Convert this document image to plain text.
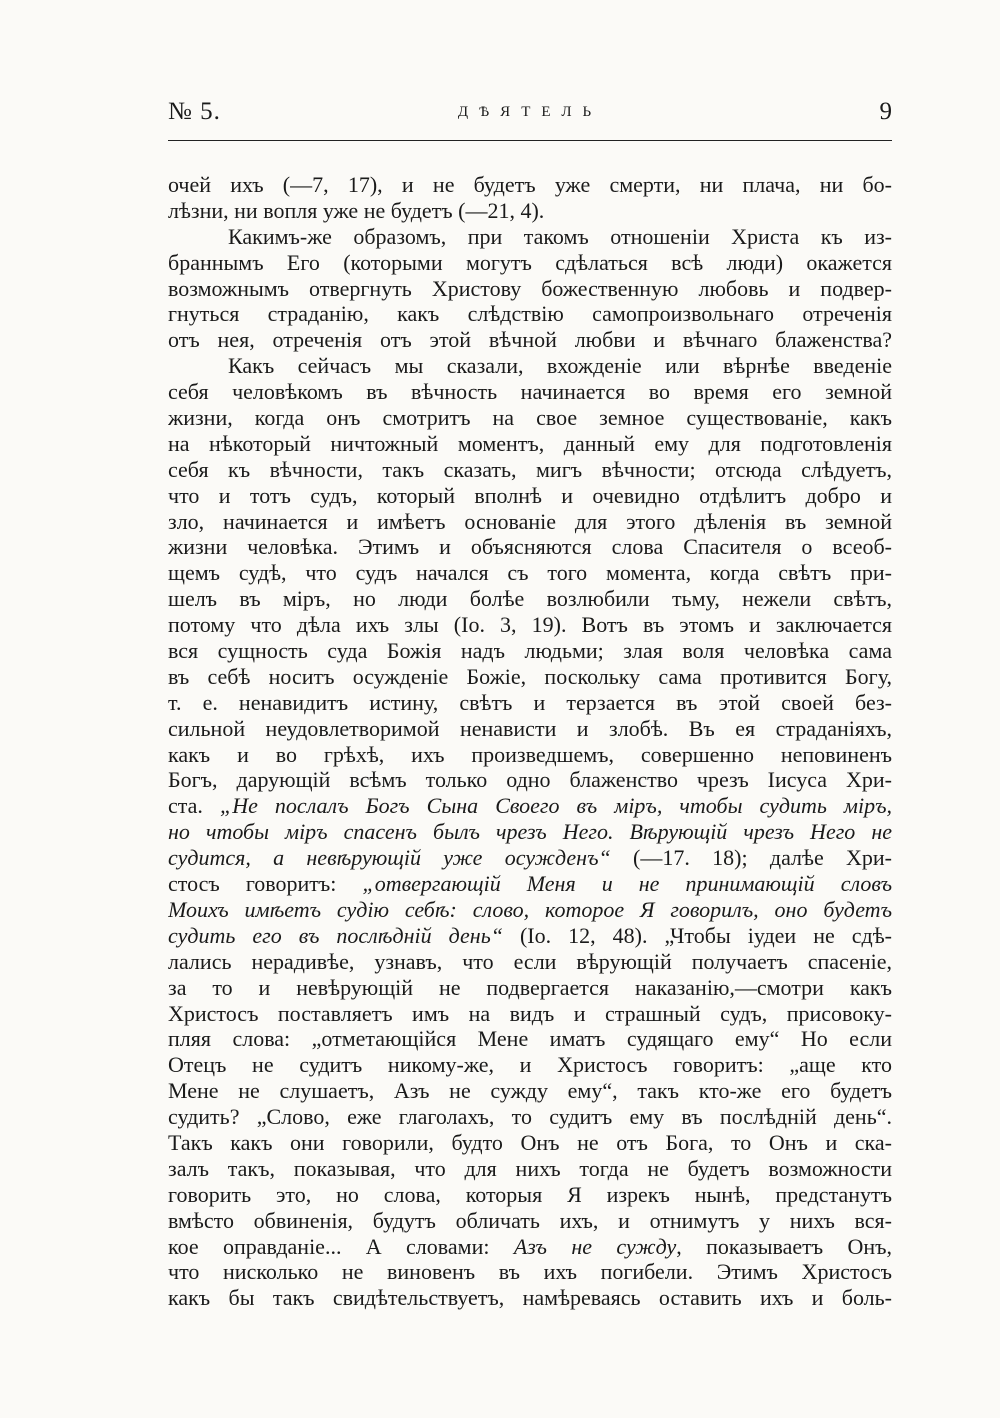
№ 5.	ДѢЯТЕЛЬ	9
очей ихъ (—7, 17), и не будетъ уже смерти, ни плача, ни бо-
лѣзни, ни вопля уже не будетъ (—21, 4).
Какимъ-же образомъ, при такомъ отношеніи Христа къ из-
браннымъ Его (которыми могутъ сдѣлаться всѣ люди) окажется
возможнымъ отвергнуть Христову божественную любовь и подвер-
гнуться страданію, какъ слѣдствію самопроизвольнаго отреченія
отъ нея, отреченія отъ этой вѣчной любви и вѣчнаго блаженства?
Какъ сейчасъ мы сказали, вхожденіе или вѣрнѣе введеніе
себя человѣкомъ въ вѣчность начинается во время его земной
жизни, когда онъ смотритъ на свое земное существованіе, какъ
на нѣкоторый ничтожный моментъ, данный ему для подготовленія
себя къ вѣчности, такъ сказать, мигъ вѣчности; отсюда слѣдуетъ,
что и тотъ судъ, который вполнѣ и очевидно отдѣлитъ добро и
зло, начинается и имѣетъ основаніе для этого дѣленія въ земной
жизни человѣка. Этимъ и объясняются слова Спасителя о всеоб-
щемъ судѣ, что судъ начался съ того момента, когда свѣтъ при-
шелъ въ міръ, но люди болѣе возлюбили тьму, нежели свѣтъ,
потому что дѣла ихъ злы (Io. 3, 19). Вотъ въ этомъ и заключается
вся сущность суда Божія надъ людьми; злая воля человѣка сама
въ себѣ носитъ осужденіе Божіе, поскольку сама противится Богу,
т. е. ненавидитъ истину, свѣтъ и терзается въ этой своей без-
сильной неудовлетворимой ненависти и злобѣ. Въ ея страданіяхъ,
какъ и во грѣхѣ, ихъ произведшемъ, совершенно неповиненъ
Богъ, дарующій всѣмъ только одно блаженство чрезъ Іисуса Хри-
ста. „Не послалъ Богъ Сына Своего въ міръ, чтобы судить міръ,
но чтобы міръ спасенъ былъ чрезъ Него. Вѣрующій чрезъ Него не
судится, а невѣрующій уже осужденъ“ (—17. 18); далѣе Хри-
стосъ говоритъ: „отвергающій Меня и не принимающій словъ
Моихъ имѣетъ судію себѣ: слово, которое Я говорилъ, оно будетъ
судить его въ послѣдній день“ (Io. 12, 48). „Чтобы іудеи не сдѣ-
лались нерадивѣе, узнавъ, что если вѣрующій получаетъ спасеніе,
за то и невѣрующій не подвергается наказанію,—смотри какъ
Христосъ поставляетъ имъ на видъ и страшный судъ, присовоку-
пляя слова: „отметающійся Мене иматъ судящаго ему“ Но если
Отецъ не судитъ никому-же, и Христосъ говоритъ: „аще кто
Мене не слушаетъ, Азъ не сужду ему“, такъ кто-же его будетъ
судить? „Слово, еже глаголахъ, то судитъ ему въ послѣдній день“.
Такъ какъ они говорили, будто Онъ не отъ Бога, то Онъ и ска-
залъ такъ, показывая, что для нихъ тогда не будетъ возможности
говорить это, но слова, которыя Я изрекъ нынѣ, предстанутъ
вмѣсто обвиненія, будутъ обличать ихъ, и отнимутъ у нихъ вся-
кое оправданіе... А словами: Азъ не сужду, показываетъ Онъ,
что нисколько не виновенъ въ ихъ погибели. Этимъ Христосъ
какъ бы такъ свидѣтельствуетъ, намѣреваясь оставить ихъ и боль-
